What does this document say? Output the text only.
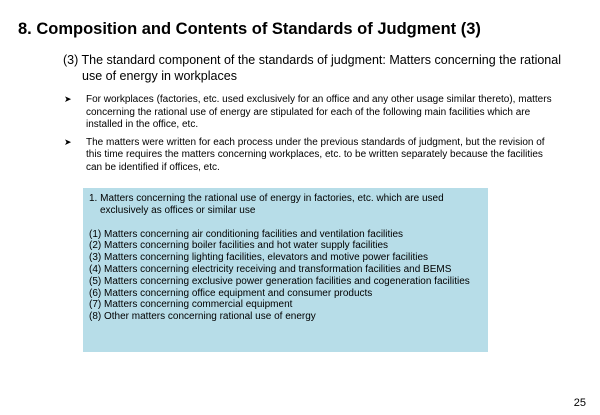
8. Composition and Contents of Standards of Judgment (3)
(3) The standard component of the standards of judgment: Matters concerning the rational use of energy in workplaces
➤ For workplaces (factories, etc. used exclusively for an office and any other usage similar thereto), matters concerning the rational use of energy are stipulated for each of the following main facilities which are installed in the office, etc.
➤ The matters were written for each process under the previous standards of judgment, but the revision of this time requires the matters concerning workplaces, etc. to be written separately because the facilities can be identified if offices, etc.
1. Matters concerning the rational use of energy in factories, etc. which are used exclusively as offices or similar use
(1) Matters concerning air conditioning facilities and ventilation facilities
(2) Matters concerning boiler facilities and hot water supply facilities
(3) Matters concerning lighting facilities, elevators and motive power facilities
(4) Matters concerning electricity receiving and transformation facilities and BEMS
(5) Matters concerning exclusive power generation facilities and cogeneration facilities
(6) Matters concerning office equipment and consumer products
(7) Matters concerning commercial equipment
(8) Other matters concerning rational use of energy
25
